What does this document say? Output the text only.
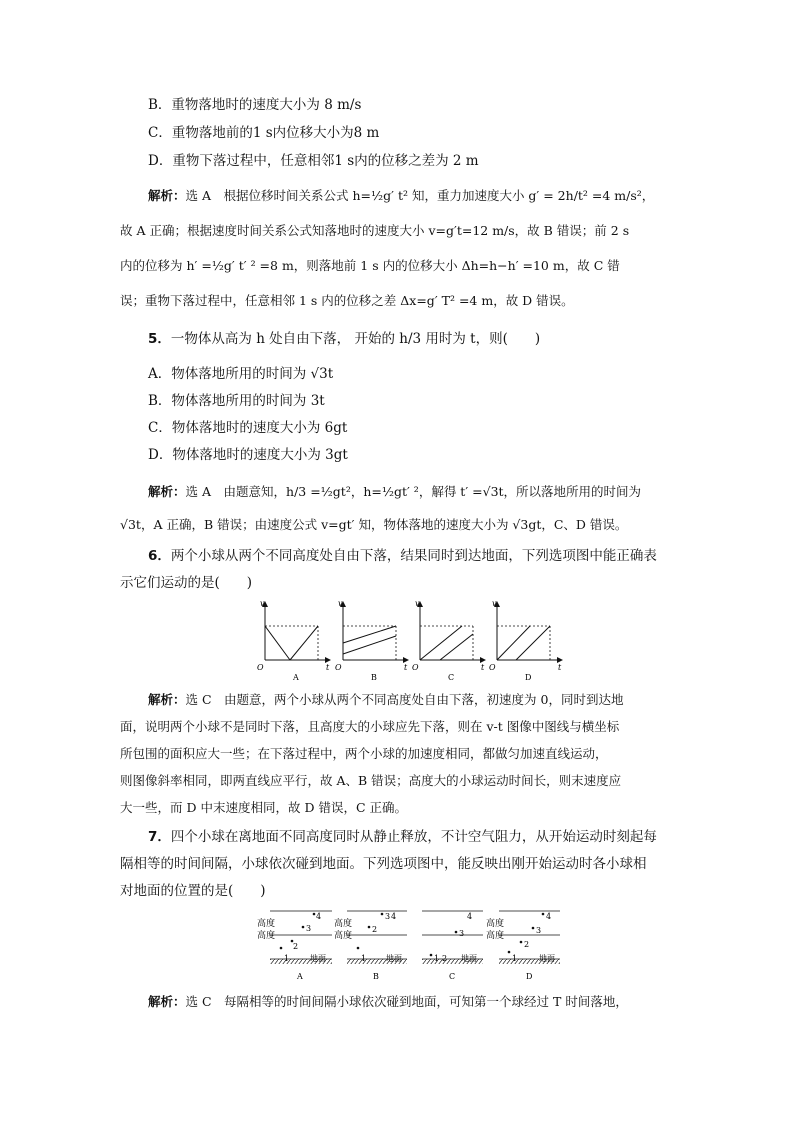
B．重物落地时的速度大小为 8 m/s
C．重物落地前的1 s内位移大小为8 m
D．重物下落过程中，任意相邻1 s内的位移之差为 2 m
解析：选 A　根据位移时间关系公式 h=½g′ t² 知，重力加速度大小 g′ = 2h/t² =4 m/s²，
故 A 正确；根据速度时间关系公式知落地时的速度大小 v=g′t=12 m/s，故 B 错误；前 2 s
内的位移为 h′ =½g′ t′ ² =8 m，则落地前 1 s 内的位移大小 Δh=h−h′ =10 m，故 C 错
误；重物下落过程中，任意相邻 1 s 内的位移之差 Δx=g′ T² =4 m，故 D 错误。
5．一物体从高为 h 处自由下落， 开始的 h/3 用时为 t，则(　　)
A．物体落地所用的时间为 √3t
B．物体落地所用的时间为 3t
C．物体落地时的速度大小为 6gt
D．物体落地时的速度大小为 3gt
解析：选 A　由题意知，h/3 =½gt²，h=½gt′ ²，解得 t′ =√3t，所以落地所用的时间为
√3t，A 正确，B 错误；由速度公式 v=gt′ 知，物体落地的速度大小为 √3gt，C、D 错误。
6．两个小球从两个不同高度处自由下落，结果同时到达地面，下列选项图中能正确表
示它们运动的是(　　)
v
t
O
A
v
t
O
B
v
t
O
C
v
t
O
D
解析：选 C　由题意，两个小球从两个不同高度处自由下落，初速度为 0，同时到达地
面，说明两个小球不是同时下落，且高度大的小球应先下落，则在 v-t 图像中图线与横坐标
所包围的面积应大一些；在下落过程中，两个小球的加速度相同，都做匀加速直线运动，
则图像斜率相同，即两直线应平行，故 A、B 错误；高度大的小球运动时间长，则末速度应
大一些，而 D 中末速度相同，故 D 错误，C 正确。
7．四个小球在离地面不同高度同时从静止释放，不计空气阻力，从开始运动时刻起每
隔相等的时间间隔，小球依次碰到地面。下列选项图中，能反映出刚开始运动时各小球相
对地面的位置的是(　　)
高度
高度
1
2
3
4
地面
A
高度
高度
1
2
3 4
地面
B
1 2
3
4
地面
C
高度
高度
1
2
3
4
地面
D
解析：选 C　每隔相等的时间间隔小球依次碰到地面，可知第一个球经过 T 时间落地，
